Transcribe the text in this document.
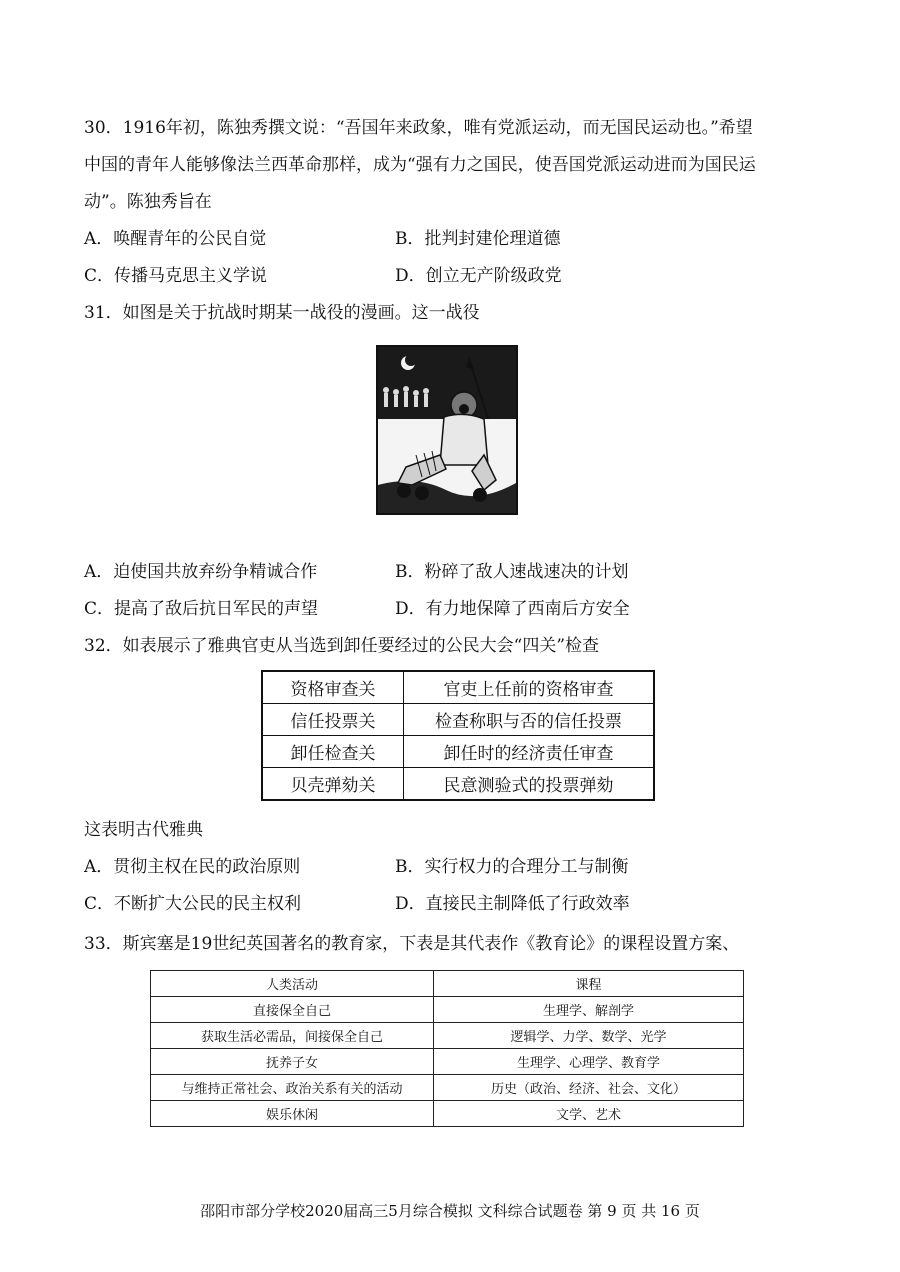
30．1916年初，陈独秀撰文说：“吾国年来政象，唯有党派运动，而无国民运动也。”希望
中国的青年人能够像法兰西革命那样，成为“强有力之国民，使吾国党派运动进而为国民运
动”。陈独秀旨在
A．唤醒青年的公民自觉	B．批判封建伦理道德
C．传播马克思主义学说	D．创立无产阶级政党
31．如图是关于抗战时期某一战役的漫画。这一战役
A．迫使国共放弃纷争精诚合作	B．粉碎了敌人速战速决的计划
C．提高了敌后抗日军民的声望	D．有力地保障了西南后方安全
32．如表展示了雅典官吏从当选到卸任要经过的公民大会“四关”检查
资格审查关	官吏上任前的资格审查
信任投票关	检查称职与否的信任投票
卸任检查关	卸任时的经济责任审查
贝壳弹劾关	民意测验式的投票弹劾
这表明古代雅典
A．贯彻主权在民的政治原则	B．实行权力的合理分工与制衡
C．不断扩大公民的民主权利	D．直接民主制降低了行政效率
33．斯宾塞是19世纪英国著名的教育家，下表是其代表作《教育论》的课程设置方案、
人类活动	课程
直接保全自己	生理学、解剖学
获取生活必需品，间接保全自己	逻辑学、力学、数学、光学
抚养子女	生理学、心理学、教育学
与维持正常社会、政治关系有关的活动	历史（政治、经济、社会、文化）
娱乐休闲	文学、艺术
邵阳市部分学校2020届高三5月综合模拟 文科综合试题卷 第 9 页 共 16 页
